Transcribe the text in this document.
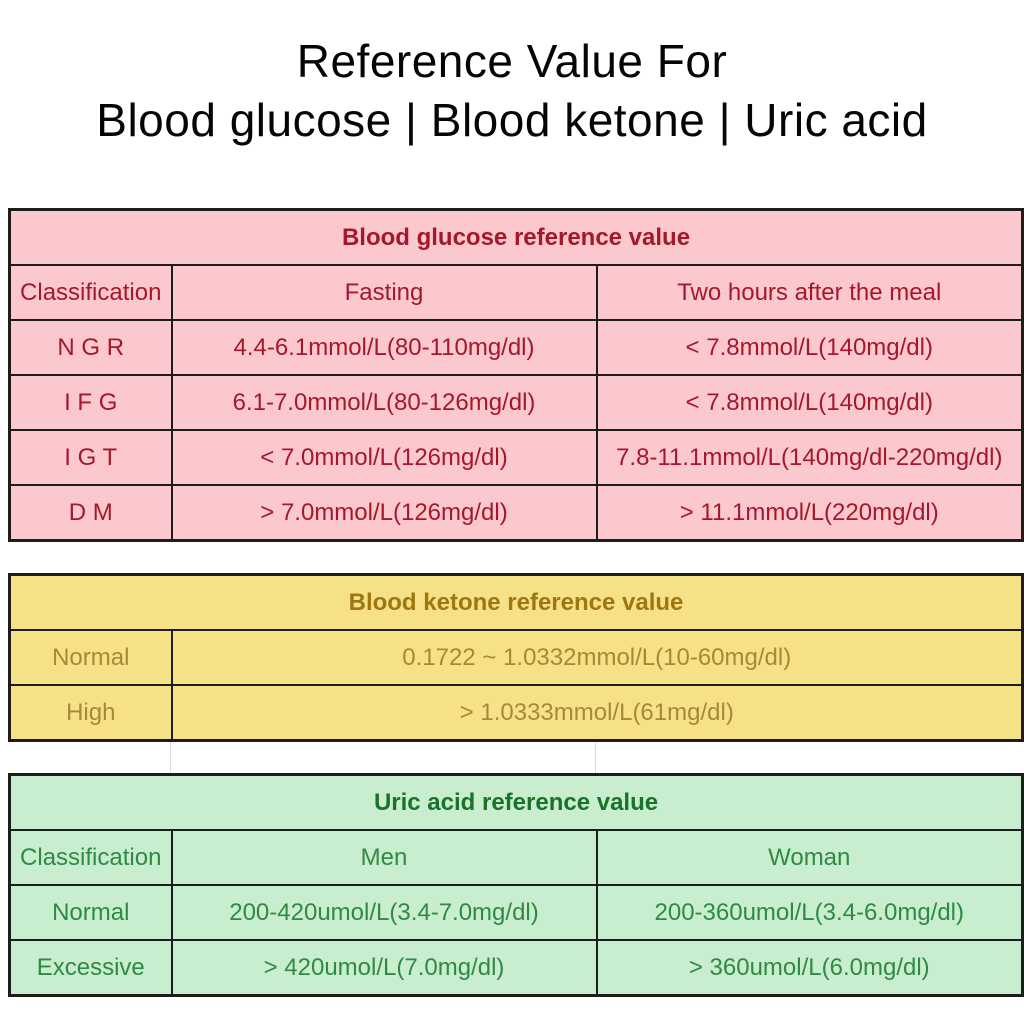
Reference Value For
Blood glucose | Blood ketone | Uric acid
Blood glucose reference value		
Classification	Fasting	Two hours after the meal
N G R	4.4-6.1mmol/L(80-110mg/dl)	< 7.8mmol/L(140mg/dl)
I F G	6.1-7.0mmol/L(80-126mg/dl)	< 7.8mmol/L(140mg/dl)
I G T	< 7.0mmol/L(126mg/dl)	7.8-11.1mmol/L(140mg/dl-220mg/dl)
D M	> 7.0mmol/L(126mg/dl)	> 11.1mmol/L(220mg/dl)
Blood ketone reference value	
Normal	0.1722 ~ 1.0332mmol/L(10-60mg/dl)
High	> 1.0333mmol/L(61mg/dl)
Uric acid reference value		
Classification	Men	Woman
Normal	200-420umol/L(3.4-7.0mg/dl)	200-360umol/L(3.4-6.0mg/dl)
Excessive	> 420umol/L(7.0mg/dl)	> 360umol/L(6.0mg/dl)
